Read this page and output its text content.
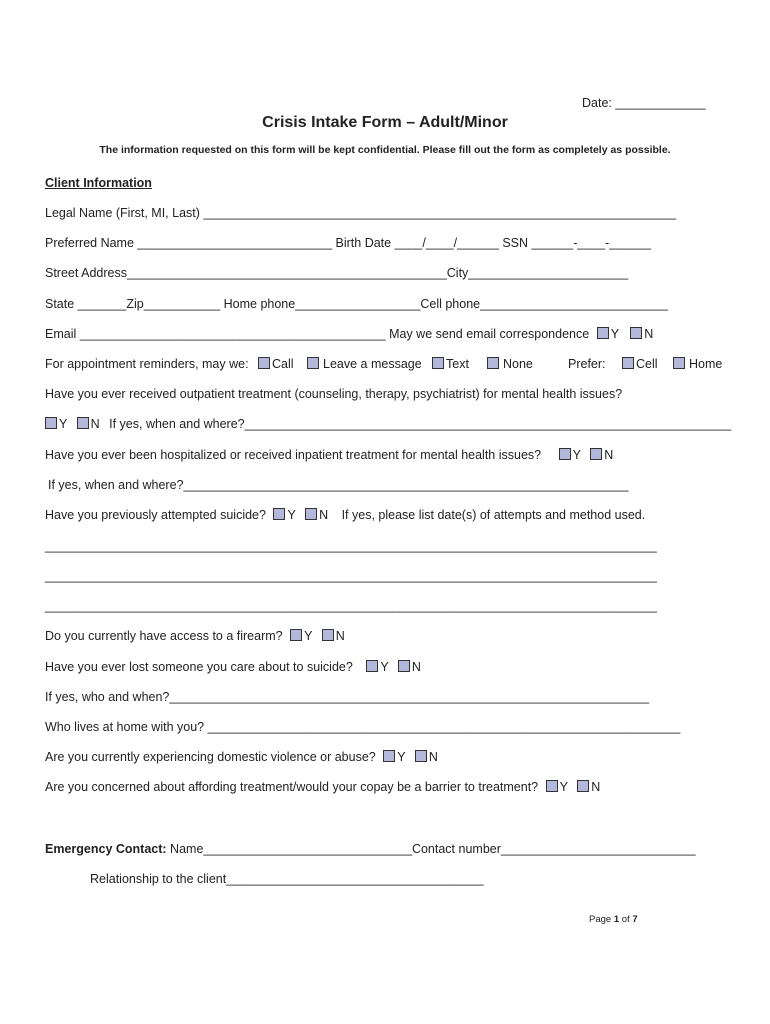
Date: _____________
Crisis Intake Form – Adult/Minor
The information requested on this form will be kept confidential. Please fill out the form as completely as possible.
Client Information
Legal Name (First, MI, Last) ____________________________________________________________________
Preferred Name ____________________________ Birth Date ____/____/______ SSN ______-____-______
Street Address______________________________________________City_______________________
State _______Zip___________ Home phone__________________Cell phone___________________________
Email ____________________________________________ May we send email correspondence Y N
For appointment reminders, may we:	Call	Leave a message	Text	None	Prefer:	Cell	Home
Have you ever received outpatient treatment (counseling, therapy, psychiatrist) for mental health issues?
Y N If yes, when and where?______________________________________________________________________
Have you ever been hospitalized or received inpatient treatment for mental health issues?	Y N
If yes, when and where?________________________________________________________________
Have you previously attempted suicide? Y N If yes, please list date(s) of attempts and method used.
________________________________________________________________________________________
________________________________________________________________________________________
________________________________________________________________________________________
Do you currently have access to a firearm? Y N
Have you ever lost someone you care about to suicide? Y N
If yes, who and when?_____________________________________________________________________
Who lives at home with you? ____________________________________________________________________
Are you currently experiencing domestic violence or abuse? Y N
Are you concerned about affording treatment/would your copay be a barrier to treatment? Y N
Emergency Contact: Name______________________________Contact number____________________________
Relationship to the client_____________________________________
Page 1 of 7
